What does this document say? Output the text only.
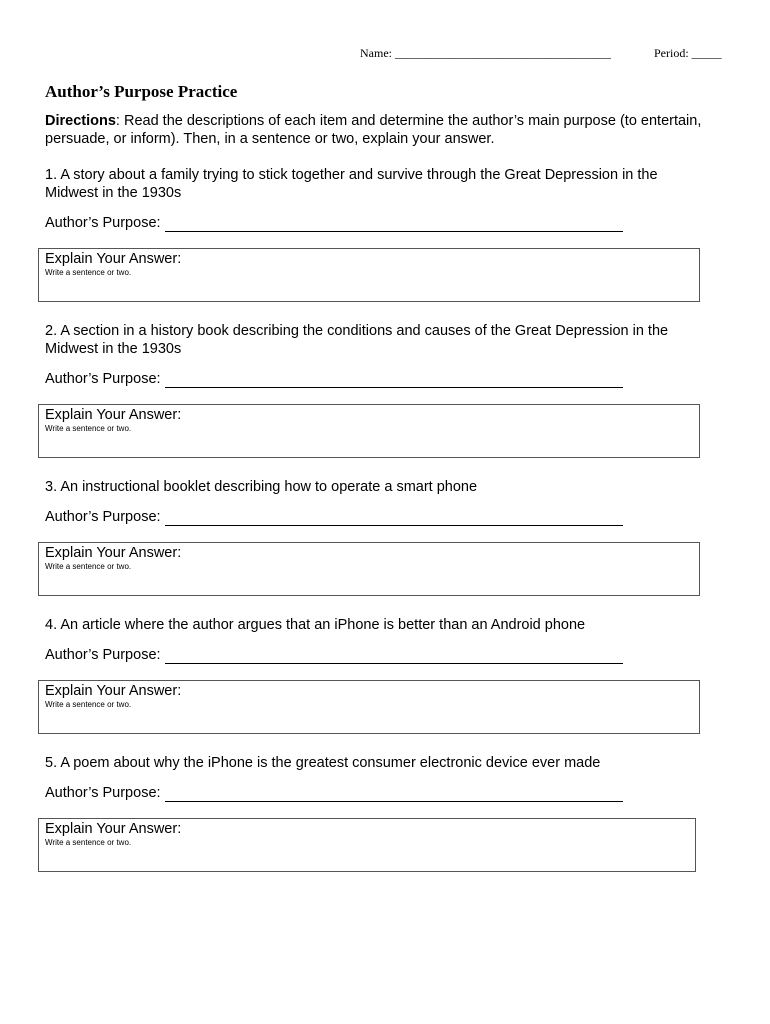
Name: ____________________________________	Period: _____
Author’s Purpose Practice

Directions: Read the descriptions of each item and determine the author’s main purpose (to entertain, persuade, or inform). Then, in a sentence or two, explain your answer.

1. A story about a family trying to stick together and survive through the Great Depression in the Midwest in the 1930s

Author’s Purpose:
Explain Your Answer:
Write a sentence or two.

2. A section in a history book describing the conditions and causes of the Great Depression in the Midwest in the 1930s

Author’s Purpose:
Explain Your Answer:
Write a sentence or two.

3. An instructional booklet describing how to operate a smart phone

Author’s Purpose:
Explain Your Answer:
Write a sentence or two.

4. An article where the author argues that an iPhone is better than an Android phone

Author’s Purpose:
Explain Your Answer:
Write a sentence or two.

5. A poem about why the iPhone is the greatest consumer electronic device ever made

Author’s Purpose:
Explain Your Answer:
Write a sentence or two.
